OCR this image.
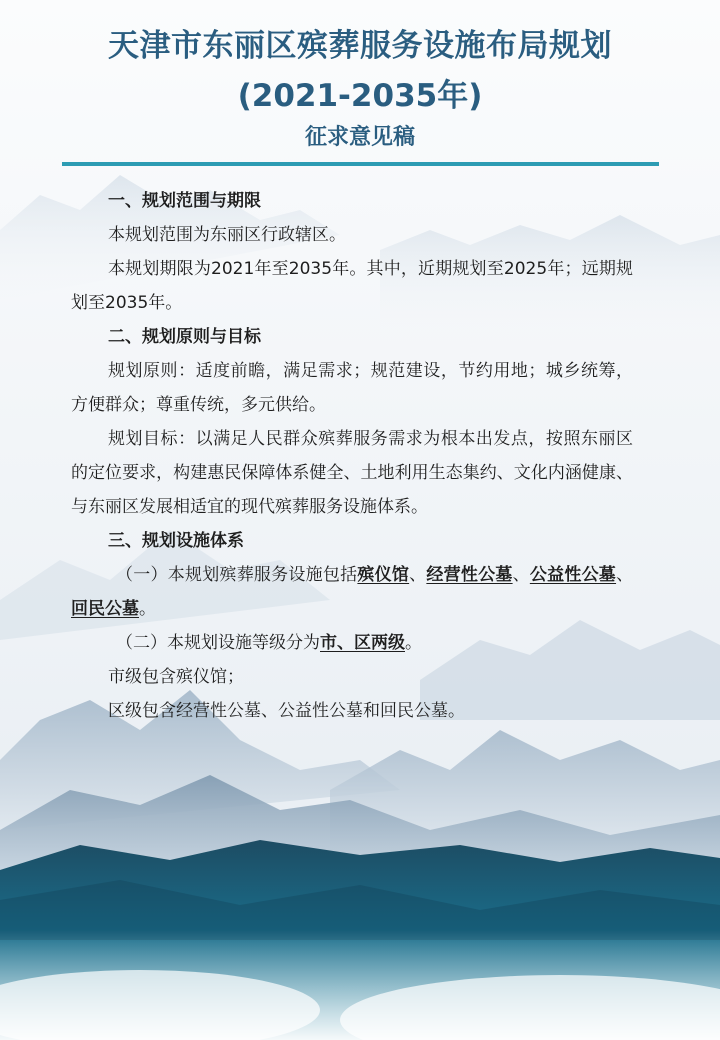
天津市东丽区殡葬服务设施布局规划
(2021-2035年)
征求意见稿

一、规划范围与期限

本规划范围为东丽区行政辖区。

本规划期限为2021年至2035年。其中，近期规划至2025年；远期规划至2035年。

二、规划原则与目标

规划原则：适度前瞻，满足需求；规范建设，节约用地；城乡统筹，方便群众；尊重传统，多元供给。

规划目标：以满足人民群众殡葬服务需求为根本出发点，按照东丽区的定位要求，构建惠民保障体系健全、土地利用生态集约、文化内涵健康、与东丽区发展相适宜的现代殡葬服务设施体系。

三、规划设施体系

（一）本规划殡葬服务设施包括殡仪馆、经营性公墓、公益性公墓、回民公墓。

（二）本规划设施等级分为市、区两级。

市级包含殡仪馆；

区级包含经营性公墓、公益性公墓和回民公墓。
